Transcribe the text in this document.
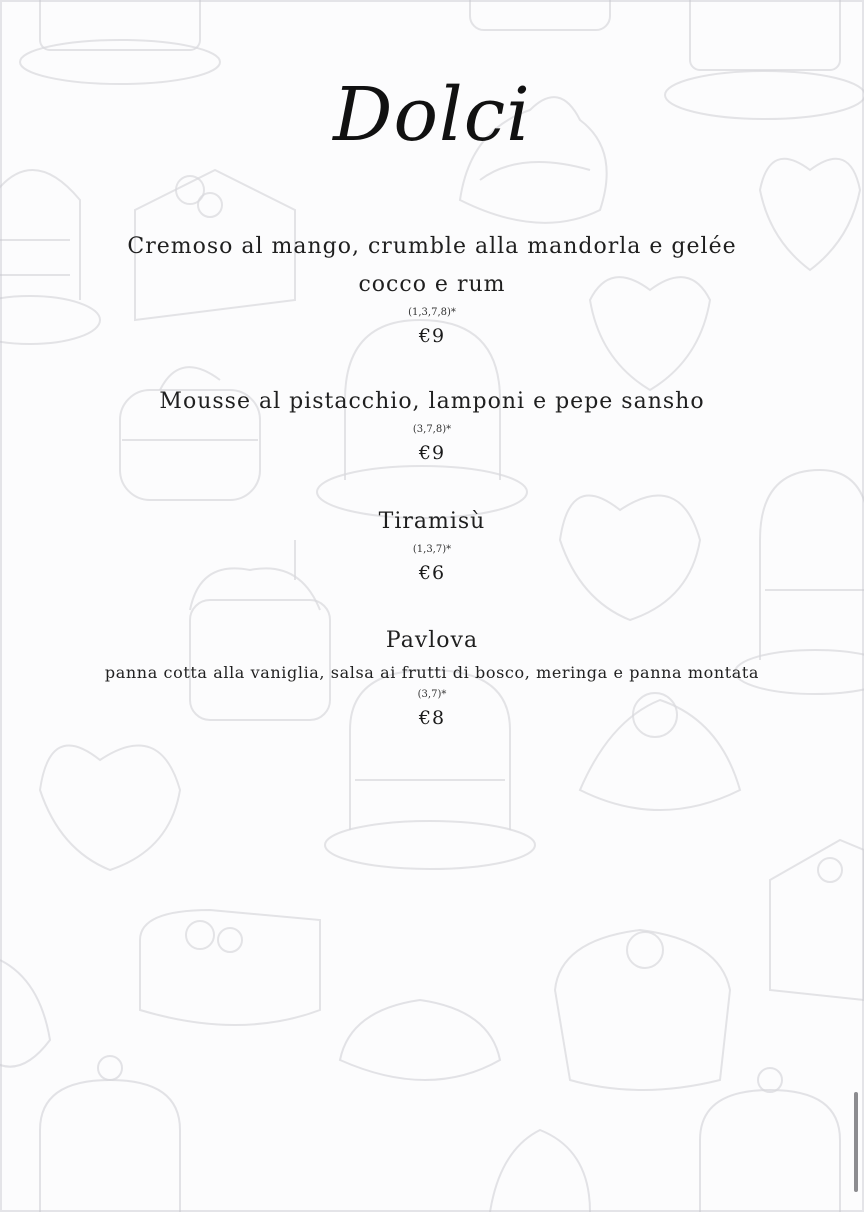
Dolci
Cremoso al mango, crumble alla mandorla e gelée cocco e rum
(1,3,7,8)*
€9
Mousse al pistacchio, lamponi e pepe sansho
(3,7,8)*
€9
Tiramisù
(1,3,7)*
€6
Pavlova
panna cotta alla vaniglia, salsa ai frutti di bosco, meringa e panna montata
(3,7)*
€8
